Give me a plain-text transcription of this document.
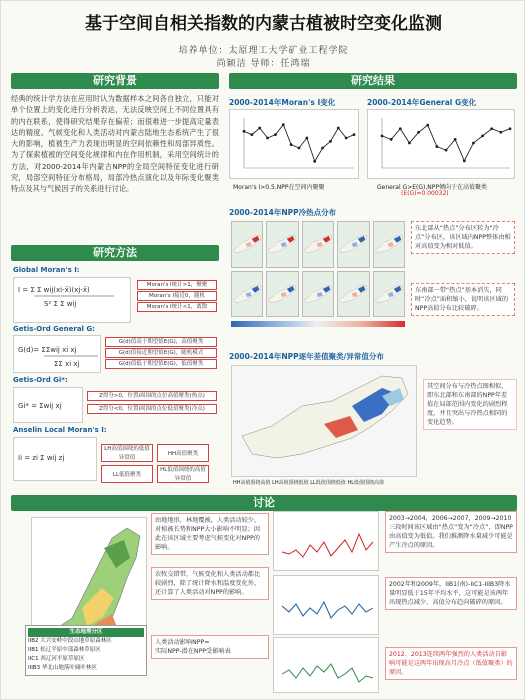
基于空间自相关指数的内蒙古植被时空变化监测
培养单位：太原理工大学矿业工程学院
尚颖洁 导师：任鸿瑞
研究背景
经典的统计学方法在应用时认为数据样本之间各自独立，只能对单个位置上的变化进行分析表达，无法反映空间上不同位置具有的内在联系，使得研究结果存在偏差；而很难进一步提高定量表达的精度。气候变化和人类活动对内蒙古陆地生态系统产生了很大的影响，植被生产力表现出明显的空间依赖性和局部异质性。为了探索植被的空间变化规律和内在作用机制，采用空间统计的方法，对2000-2014年内蒙古NPP的全局空间特征变化进行研究，局部空间特征分布格局，局部冷热点演化以及年际变化聚类特点及其与气候因子的关系进行讨论。
研究方法
Global Moran's I:
I = Σ Σ wij(xi-x̄)(xj-x̄)
S² Σ Σ wij
Moran's I统计>1，聚聚
Moran's I接近0，随机
Moran's I统计<1，离散
Getis-Ord General G:
G(d)= ΣΣwij xi xj
ΣΣ xi xj
G(d)值高于期望值E(G)，高值聚类
G(d)值接近期望值E(G)，随机模式
G(d)值低于期望值E(G)，低值聚类
Getis-Ord Gi*:
Gi* = Σwij xj
Z得分>0，位置i周围的点位高值聚类(热点)
Z得分<0，位置i周围的点位低值聚类(冷点)
Anselin Local Moran's I:
Ii = zi Σ wij zj
LH高值围绕的低值异常值
HH高值聚类
LL低值聚类
HL低值围绕的高值异常值
研究结果
2000-2014年Moran's I变化	2000-2014年General G变化
Moran's I>0.5,NPP在空间内聚聚	General G>E(G),NPP倾向于在高值聚类
(E(G)=0.00032)
2000-2014年NPP冷热点分布
东北部从“热点”分布区转为“冷点”分布区，该区域内NPP整体由相对高值变为相对低值。
东南部一带“热点”基本消失，同时“冷点”面积缩小，说明该区域的NPP高值分布比较破碎。
2000-2014年NPP逐年差值聚类/异常值分布
HH高值围绕高值 LH高值围绕低值 LL低值围绕低值 HL低值围绕高值
其空间分布与冷热点图相似，即东北部和东南部的NPP年差值在局部范围内变化的剧烈程度，并且突出与冷热点相同的变化趋势。
讨论
由地地形，林地覆被，人类活动较少，对植被长势和NPP大小影响不明显；因此在该区域主要考虑气候变化对NPP的影响。
2003→2004，2006→2007，2009→2010三段时间该区域由“热点”变为“冷点”，即NPP由高值变为低值。我们推测降水量减少可能是产生冷点的原因。
农牧交错带，气候变化和人类活动都比较剧烈，除了统计降水和温度变化外，还计算了人类活动对NPP的影响。
2002年和2009年，IIB1(南)-IIC1-IIIB3降水量明显低于15年平均水平，这可能是该两年出现热点减少、高值分布趋向破碎的原因。
人类活动影响NPP=
实际NPP-潜在NPP受影响表	2012、2013连续两年强烈的人类活动自影响可能是这两年出现高月冷点（低值聚类）的原因。
生态地理分区
IIB2 大兴安岭中段山地草原森林区
IIB1 松辽平原中部森林草原区
IIC1 西辽河平原草原区
IIIB3 华北山地落叶阔叶林区
